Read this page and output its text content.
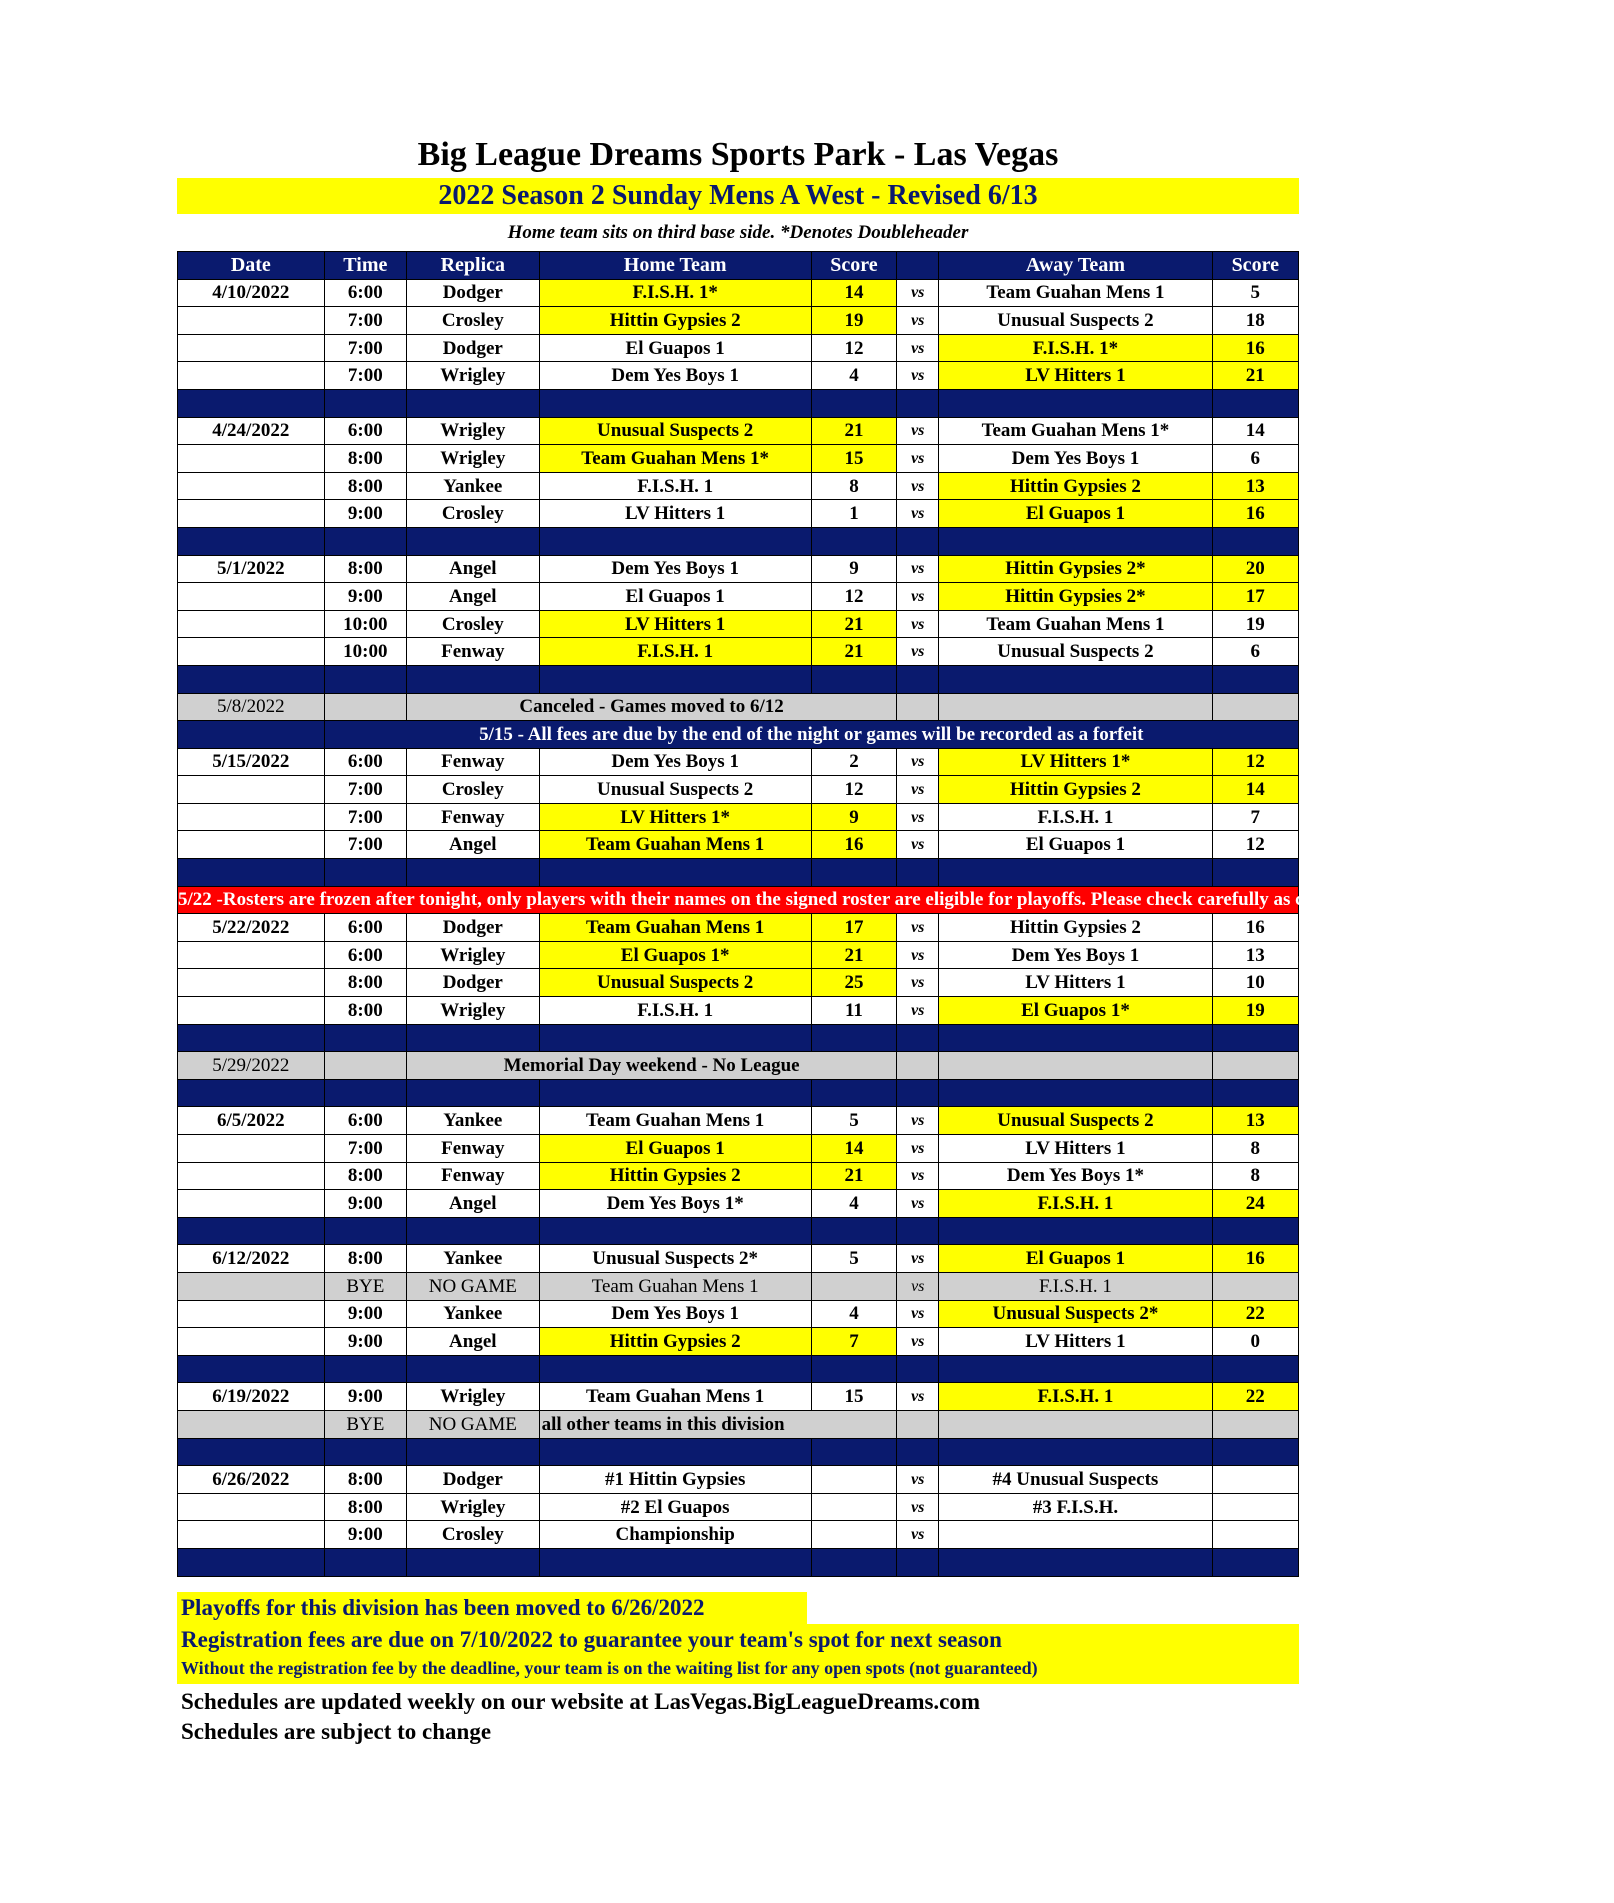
Big League Dreams Sports Park - Las Vegas
2022 Season 2 Sunday Mens A West - Revised 6/13
Home team sits on third base side. *Denotes Doubleheader
Date	Time	Replica	Home Team	Score		Away Team	Score
4/10/2022	6:00	Dodger	F.I.S.H. 1*	14	vs	Team Guahan Mens 1	5
	7:00	Crosley	Hittin Gypsies 2	19	vs	Unusual Suspects 2	18
	7:00	Dodger	El Guapos 1	12	vs	F.I.S.H. 1*	16
	7:00	Wrigley	Dem Yes Boys 1	4	vs	LV Hitters 1	21

4/24/2022	6:00	Wrigley	Unusual Suspects 2	21	vs	Team Guahan Mens 1*	14
	8:00	Wrigley	Team Guahan Mens 1*	15	vs	Dem Yes Boys 1	6
	8:00	Yankee	F.I.S.H. 1	8	vs	Hittin Gypsies 2	13
	9:00	Crosley	LV Hitters 1	1	vs	El Guapos 1	16

5/1/2022	8:00	Angel	Dem Yes Boys 1	9	vs	Hittin Gypsies 2*	20
	9:00	Angel	El Guapos 1	12	vs	Hittin Gypsies 2*	17
	10:00	Crosley	LV Hitters 1	21	vs	Team Guahan Mens 1	19
	10:00	Fenway	F.I.S.H. 1	21	vs	Unusual Suspects 2	6

5/8/2022		Canceled - Games moved to 6/12					
	5/15 - All fees are due by the end of the night or games will be recorded as a forfeit						
5/15/2022	6:00	Fenway	Dem Yes Boys 1	2	vs	LV Hitters 1*	12
	7:00	Crosley	Unusual Suspects 2	12	vs	Hittin Gypsies 2	14
	7:00	Fenway	LV Hitters 1*	9	vs	F.I.S.H. 1	7
	7:00	Angel	Team Guahan Mens 1	16	vs	El Guapos 1	12

5/22 -Rosters are frozen after tonight, only players with their names on the signed roster are eligible for playoffs. Please check carefully as changes will not be made for omissions.							
5/22/2022	6:00	Dodger	Team Guahan Mens 1	17	vs	Hittin Gypsies 2	16
	6:00	Wrigley	El Guapos 1*	21	vs	Dem Yes Boys 1	13
	8:00	Dodger	Unusual Suspects 2	25	vs	LV Hitters 1	10
	8:00	Wrigley	F.I.S.H. 1	11	vs	El Guapos 1*	19

5/29/2022		Memorial Day weekend - No League					

6/5/2022	6:00	Yankee	Team Guahan Mens 1	5	vs	Unusual Suspects 2	13
	7:00	Fenway	El Guapos 1	14	vs	LV Hitters 1	8
	8:00	Fenway	Hittin Gypsies 2	21	vs	Dem Yes Boys 1*	8
	9:00	Angel	Dem Yes Boys 1*	4	vs	F.I.S.H. 1	24

6/12/2022	8:00	Yankee	Unusual Suspects 2*	5	vs	El Guapos 1	16
	BYE	NO GAME	Team Guahan Mens 1		vs	F.I.S.H. 1	
	9:00	Yankee	Dem Yes Boys 1	4	vs	Unusual Suspects 2*	22
	9:00	Angel	Hittin Gypsies 2	7	vs	LV Hitters 1	0

6/19/2022	9:00	Wrigley	Team Guahan Mens 1	15	vs	F.I.S.H. 1	22
	BYE	NO GAME	all other teams in this division				

6/26/2022	8:00	Dodger	#1 Hittin Gypsies		vs	#4 Unusual Suspects	
	8:00	Wrigley	#2 El Guapos		vs	#3 F.I.S.H.	
	9:00	Crosley	Championship		vs		

Playoffs for this division has been moved to 6/26/2022
Registration fees are due on 7/10/2022 to guarantee your team's spot for next season
Without the registration fee by the deadline, your team is on the waiting list for any open spots (not guaranteed)
Schedules are updated weekly on our website at LasVegas.BigLeagueDreams.com
Schedules are subject to change
